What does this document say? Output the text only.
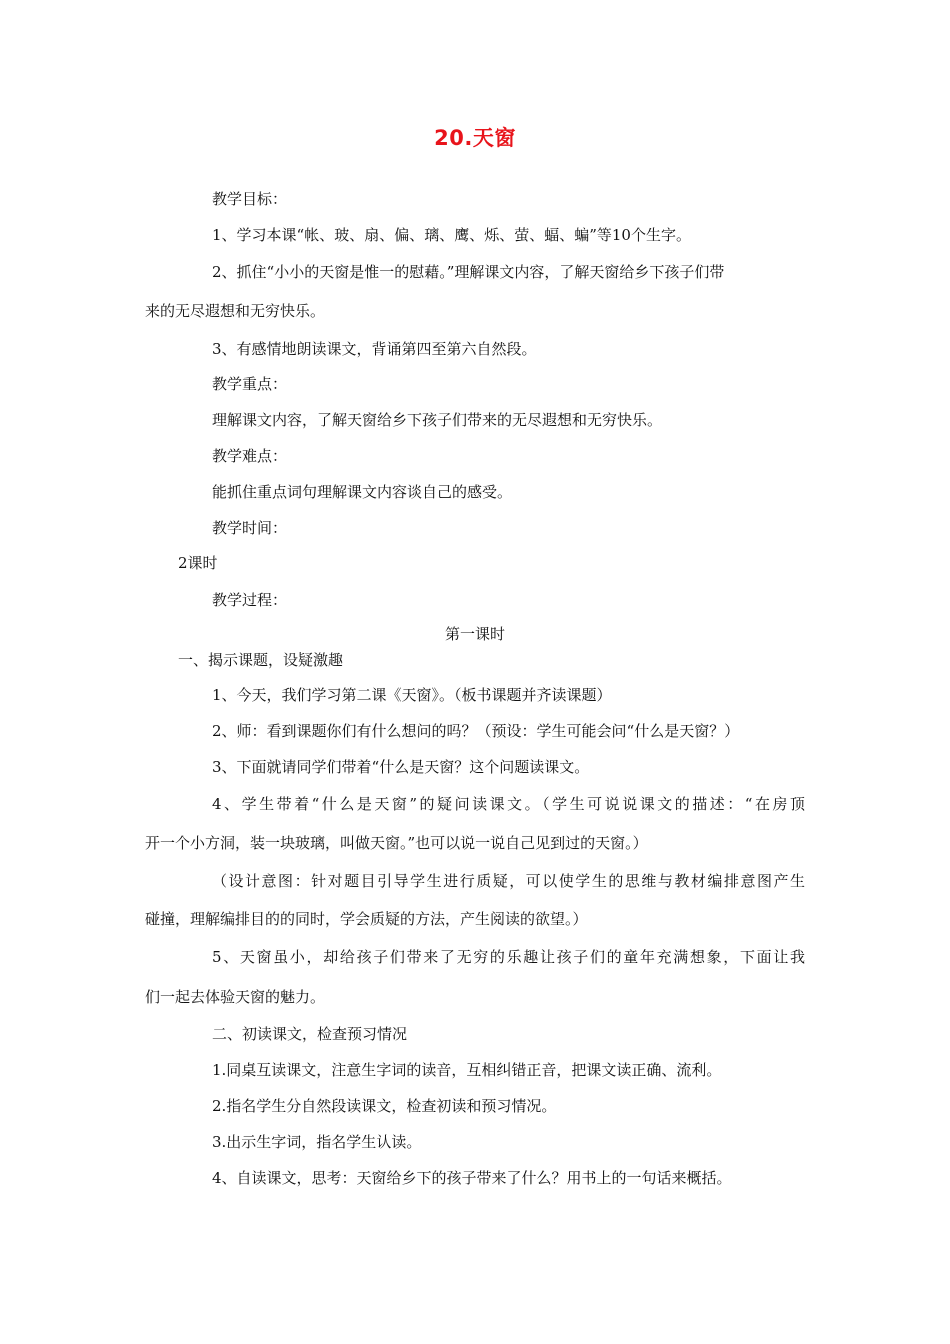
20.天窗
教学目标：
1、学习本课“帐、玻、扇、偏、璃、鹰、烁、萤、蝠、蝙”等10个生字。
2、抓住“小小的天窗是惟一的慰藉。”理解课文内容，了解天窗给乡下孩子们带
来的无尽遐想和无穷快乐。
3、有感情地朗读课文，背诵第四至第六自然段。
教学重点：
理解课文内容，了解天窗给乡下孩子们带来的无尽遐想和无穷快乐。
教学难点：
能抓住重点词句理解课文内容谈自己的感受。
教学时间：
2课时
教学过程：
第一课时
一、揭示课题，设疑激趣
1、今天，我们学习第二课《天窗》。（板书课题并齐读课题）
2、师：看到课题你们有什么想问的吗？（预设：学生可能会问“什么是天窗？）
3、下面就请同学们带着“什么是天窗？这个问题读课文。
4、学生带着“什么是天窗”的疑问读课文。（学生可说说课文的描述：“在房顶
开一个小方洞，装一块玻璃，叫做天窗。”也可以说一说自己见到过的天窗。）
（设计意图：针对题目引导学生进行质疑，可以使学生的思维与教材编排意图产生
碰撞，理解编排目的的同时，学会质疑的方法，产生阅读的欲望。）
5、天窗虽小，却给孩子们带来了无穷的乐趣让孩子们的童年充满想象，下面让我
们一起去体验天窗的魅力。
二、初读课文，检查预习情况
1.同桌互读课文，注意生字词的读音，互相纠错正音，把课文读正确、流利。
2.指名学生分自然段读课文，检查初读和预习情况。
3.出示生字词，指名学生认读。
4、自读课文，思考：天窗给乡下的孩子带来了什么？用书上的一句话来概括。
